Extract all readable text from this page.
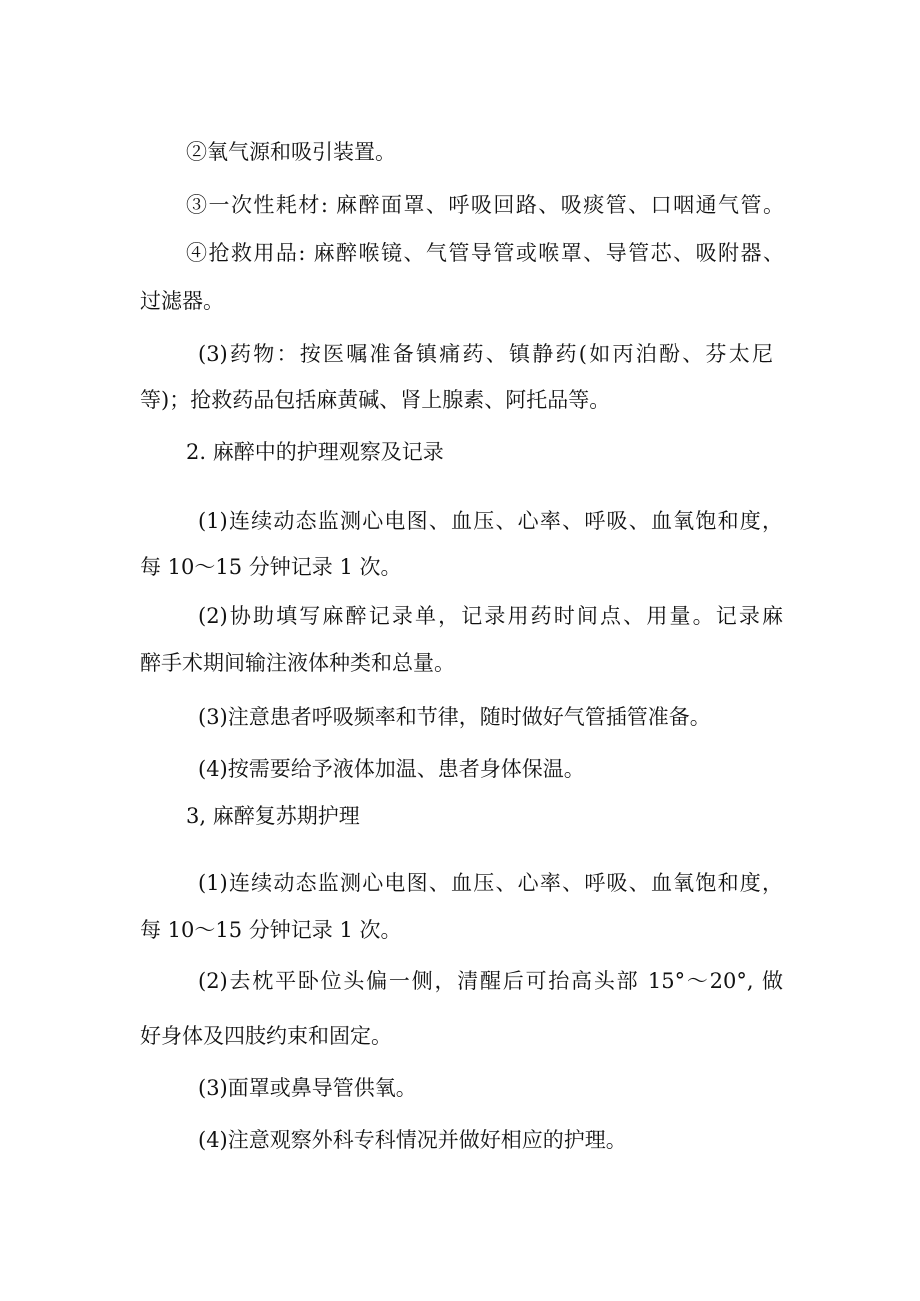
②氧气源和吸引装置。
③一次性耗材: 麻醉面罩、呼吸回路、吸痰管、口咽通气管。
④抢救用品: 麻醉喉镜、气管导管或喉罩、导管芯、吸附器、
过滤器。
(3)药物：按医嘱准备镇痛药、镇静药(如丙泊酚、芬太尼
等)；抢救药品包括麻黄碱、肾上腺素、阿托品等。
2. 麻醉中的护理观察及记录
(1)连续动态监测心电图、血压、心率、呼吸、血氧饱和度，
每 10～15 分钟记录 1 次。
(2)协助填写麻醉记录单，记录用药时间点、用量。记录麻
醉手术期间输注液体种类和总量。
(3)注意患者呼吸频率和节律，随时做好气管插管准备。
(4)按需要给予液体加温、患者身体保温。
3, 麻醉复苏期护理
(1)连续动态监测心电图、血压、心率、呼吸、血氧饱和度，
每 10～15 分钟记录 1 次。
(2)去枕平卧位头偏一侧，清醒后可抬高头部 15°～20°, 做
好身体及四肢约束和固定。
(3)面罩或鼻导管供氧。
(4)注意观察外科专科情况并做好相应的护理。
